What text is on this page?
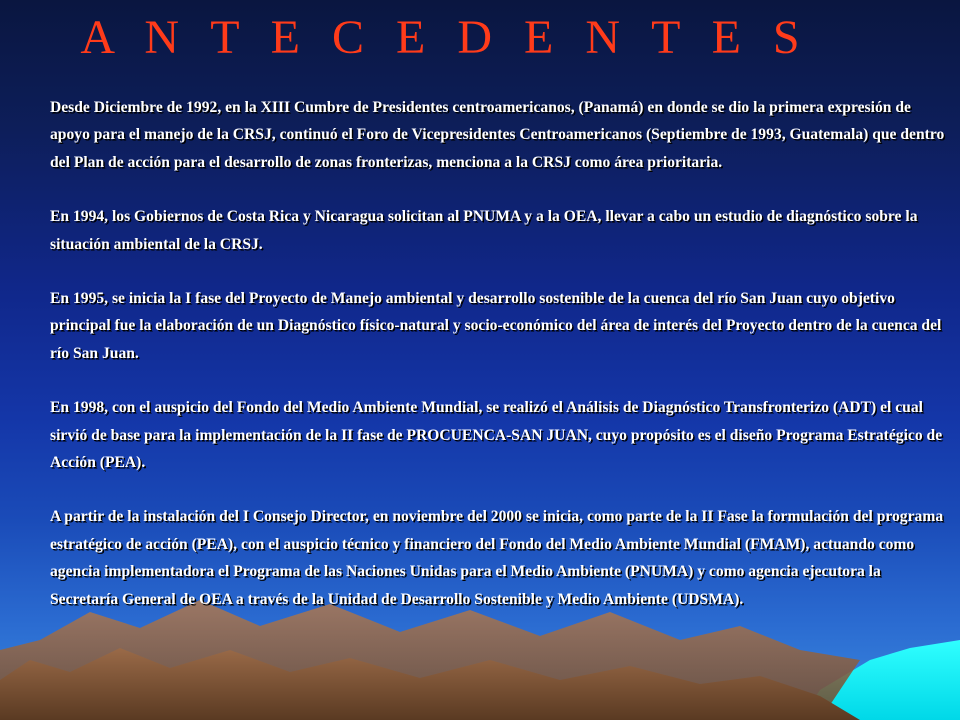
A N T E C E D E N T E S

Desde Diciembre de 1992, en la XIII Cumbre de Presidentes centroamericanos, (Panamá) en donde se dio la primera expresión de apoyo para el manejo de la CRSJ, continuó el Foro de Vicepresidentes Centroamericanos (Septiembre de 1993, Guatemala) que dentro del Plan de acción para el desarrollo de zonas fronterizas, menciona a la CRSJ como área prioritaria.

En 1994, los Gobiernos de Costa Rica y Nicaragua solicitan al PNUMA y a la OEA, llevar a cabo un estudio de diagnóstico sobre la situación ambiental de la CRSJ.

En 1995, se inicia la I fase del Proyecto de Manejo ambiental y desarrollo sostenible de la cuenca del río San Juan cuyo objetivo principal fue la elaboración de un Diagnóstico físico-natural y socio-económico del área de interés del Proyecto dentro de la cuenca del río San Juan.

En 1998, con el auspicio del Fondo del Medio Ambiente Mundial, se realizó el Análisis de Diagnóstico Transfronterizo (ADT) el cual sirvió de base para la implementación de la II fase de PROCUENCA-SAN JUAN, cuyo propósito es el diseño Programa Estratégico de Acción (PEA).

A partir de la instalación del I Consejo Director, en noviembre del 2000 se inicia, como parte de la II Fase la formulación del programa estratégico de acción (PEA), con el auspicio técnico y financiero del Fondo del Medio Ambiente Mundial (FMAM), actuando como agencia implementadora el Programa de las Naciones Unidas para el Medio Ambiente (PNUMA) y como agencia ejecutora la Secretaría General de OEA a través de la Unidad de Desarrollo Sostenible y Medio Ambiente (UDSMA).
